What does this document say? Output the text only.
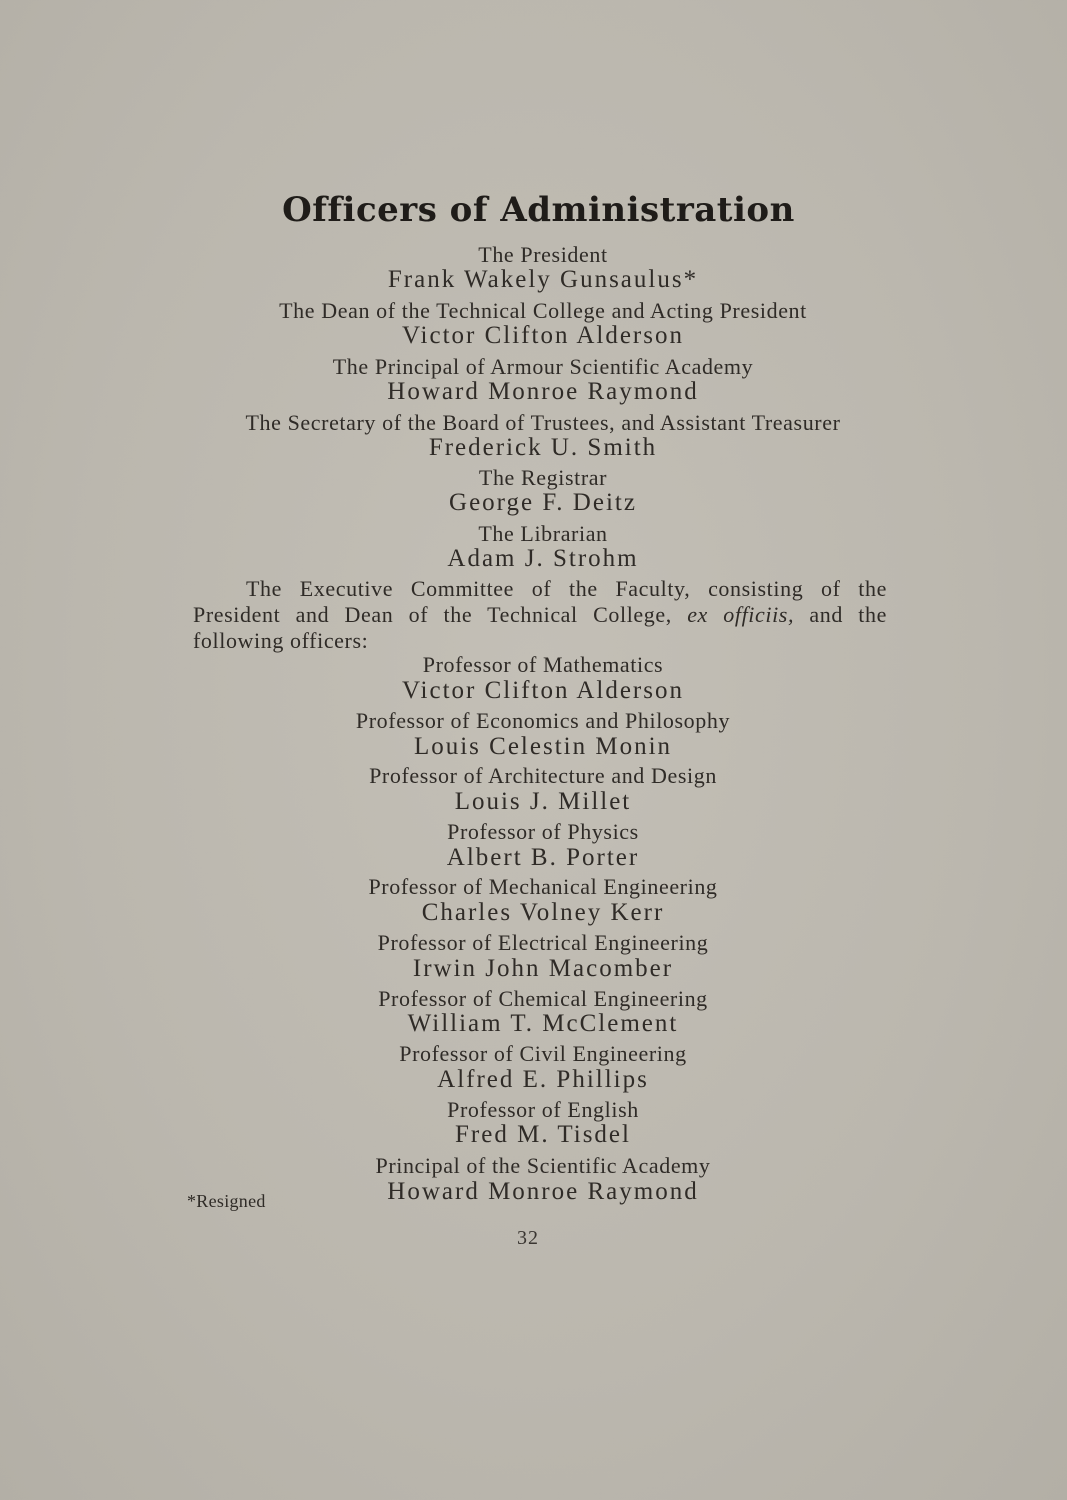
Officers of Administration
The President
Frank Wakely Gunsaulus*
The Dean of the Technical College and Acting President
Victor Clifton Alderson
The Principal of Armour Scientific Academy
Howard Monroe Raymond
The Secretary of the Board of Trustees, and Assistant Treasurer
Frederick U. Smith
The Registrar
George F. Deitz
The Librarian
Adam J. Strohm
The Executive Committee of the Faculty, consisting of the President and Dean of the Technical College, ex officiis, and the following officers:
Professor of Mathematics
Victor Clifton Alderson
Professor of Economics and Philosophy
Louis Celestin Monin
Professor of Architecture and Design
Louis J. Millet
Professor of Physics
Albert B. Porter
Professor of Mechanical Engineering
Charles Volney Kerr
Professor of Electrical Engineering
Irwin John Macomber
Professor of Chemical Engineering
William T. McClement
Professor of Civil Engineering
Alfred E. Phillips
Professor of English
Fred M. Tisdel
Principal of the Scientific Academy
Howard Monroe Raymond
*Resigned
32
